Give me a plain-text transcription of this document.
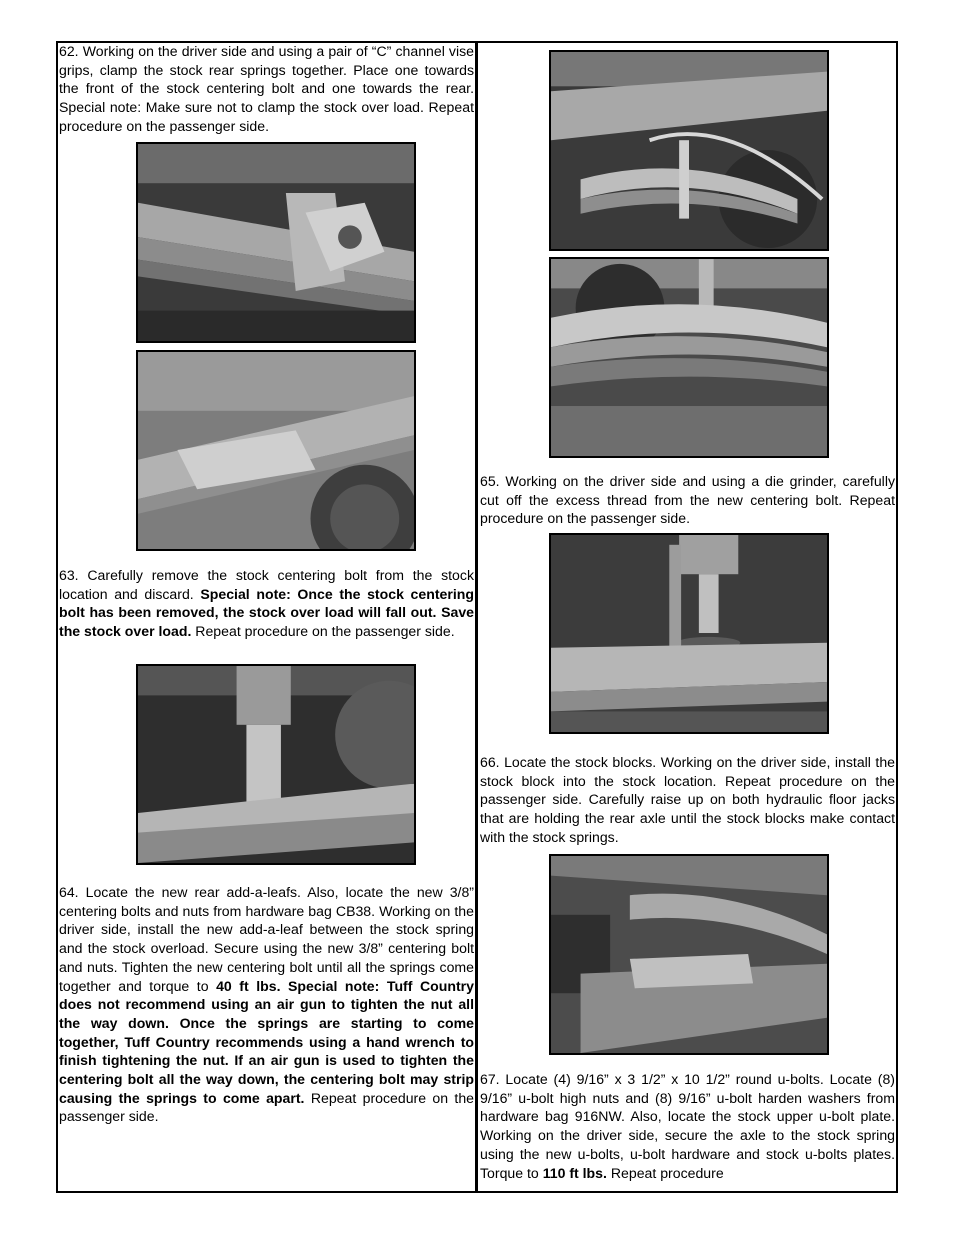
62. Working on the driver side and using a pair of “C” channel vise grips, clamp the stock rear springs together. Place one towards the front of the stock centering bolt and one towards the rear. Special note: Make sure not to clamp the stock over load. Repeat procedure on the passenger side.

63. Carefully remove the stock centering bolt from the stock location and discard. Special note: Once the stock centering bolt has been removed, the stock over load will fall out. Save the stock over load. Repeat procedure on the passenger side.

64. Locate the new rear add-a-leafs. Also, locate the new 3/8” centering bolts and nuts from hardware bag CB38. Working on the driver side, install the new add-a-leaf between the stock spring and the stock overload. Secure using the new 3/8” centering bolt and nuts. Tighten the new centering bolt until all the springs come together and torque to 40 ft lbs. Special note: Tuff Country does not recommend using an air gun to tighten the nut all the way down. Once the springs are starting to come together, Tuff Country recommends using a hand wrench to finish tightening the nut. If an air gun is used to tighten the centering bolt all the way down, the centering bolt may strip causing the springs to come apart. Repeat procedure on the passenger side.

65. Working on the driver side and using a die grinder, carefully cut off the excess thread from the new centering bolt. Repeat procedure on the passenger side.

66. Locate the stock blocks. Working on the driver side, install the stock block into the stock location. Repeat procedure on the passenger side. Carefully raise up on both hydraulic floor jacks that are holding the rear axle until the stock blocks make contact with the stock springs.

67. Locate (4) 9/16” x 3 1/2” x 10 1/2” round u-bolts. Locate (8) 9/16” u-bolt high nuts and (8) 9/16” u-bolt harden washers from hardware bag 916NW. Also, locate the stock upper u-bolt plate. Working on the driver side, secure the axle to the stock spring using the new u-bolts, u-bolt hardware and stock u-bolts plates. Torque to 110 ft lbs. Repeat procedure
